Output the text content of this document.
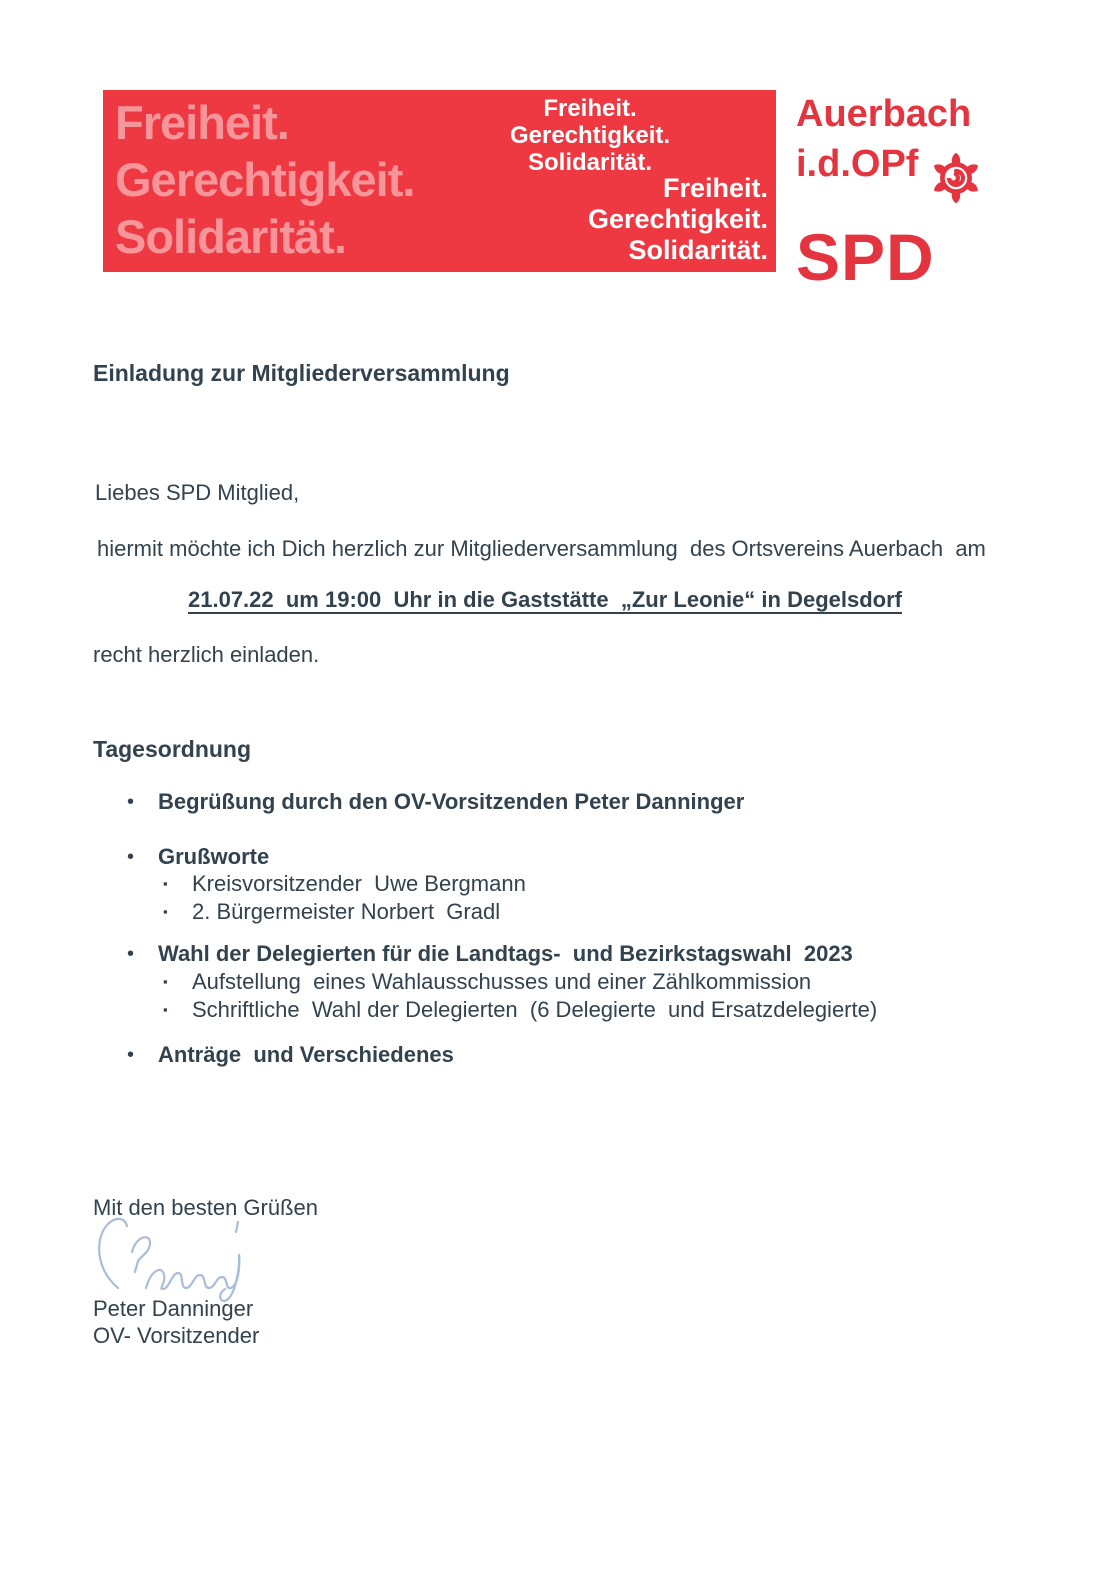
Freiheit.
Gerechtigkeit.
Solidarität.
Freiheit.
Gerechtigkeit.
Solidarität.
Freiheit.
Gerechtigkeit.
Solidarität.
Auerbach
i.d.OPf
SPD
Einladung zur Mitgliederversammlung
Liebes SPD Mitglied,
hiermit möchte ich Dich herzlich zur Mitgliederversammlung  des Ortsvereins Auerbach  am
21.07.22  um 19:00  Uhr in die Gaststätte  „Zur Leonie“ in Degelsdorf
recht herzlich einladen.
Tagesordnung
•	Begrüßung durch den OV-Vorsitzenden Peter Danninger
•	Grußworte
▪	Kreisvorsitzender  Uwe Bergmann
▪	2. Bürgermeister Norbert  Gradl
•	Wahl der Delegierten für die Landtags-  und Bezirkstagswahl  2023
▪	Aufstellung  eines Wahlausschusses und einer Zählkommission
▪	Schriftliche  Wahl der Delegierten  (6 Delegierte  und Ersatzdelegierte)
•	Anträge  und Verschiedenes
Mit den besten Grüßen
Peter Danninger
OV- Vorsitzender
